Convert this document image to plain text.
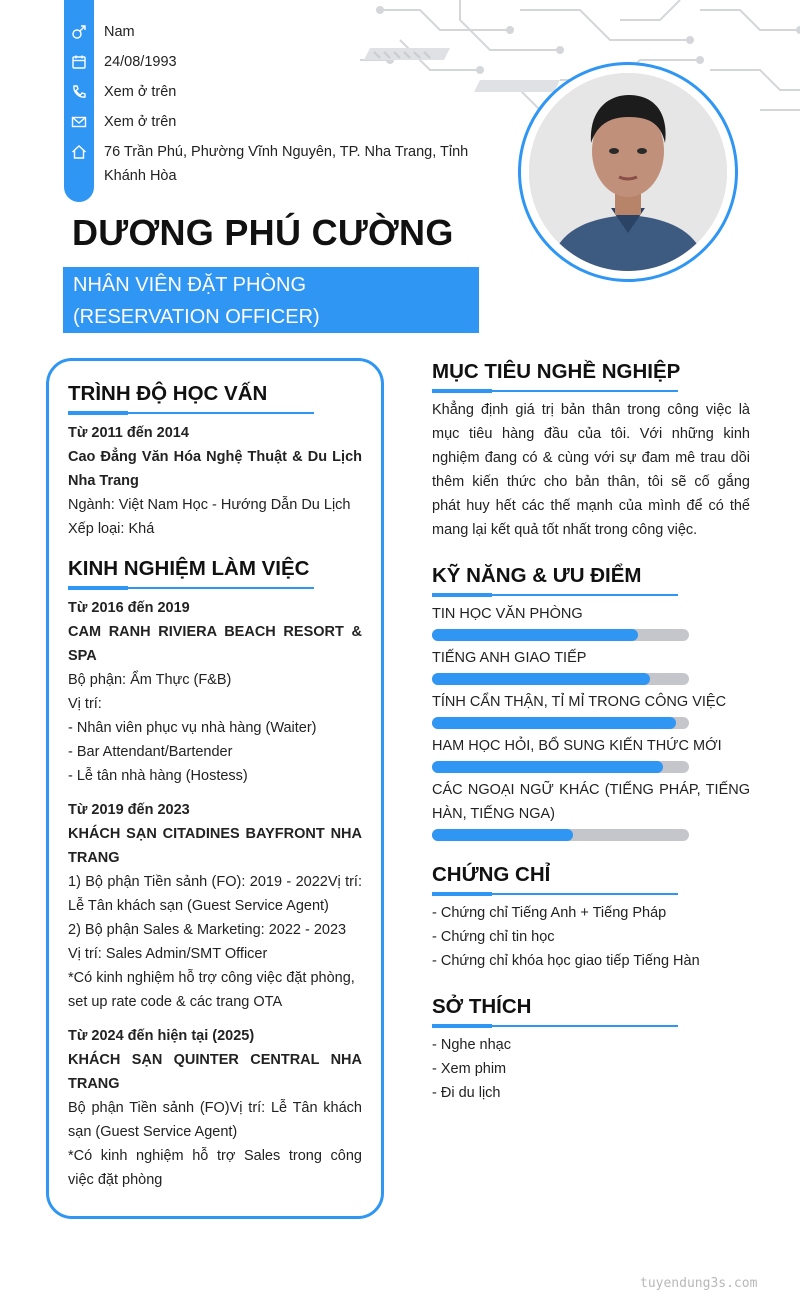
Nam
24/08/1993
Xem ở trên
Xem ở trên
76 Trần Phú, Phường Vĩnh Nguyên, TP. Nha Trang, Tỉnh Khánh Hòa
DƯƠNG PHÚ CƯỜNG
NHÂN VIÊN ĐẶT PHÒNG
(RESERVATION OFFICER)
TRÌNH ĐỘ HỌC VẤN
Từ 2011 đến 2014
Cao Đẳng Văn Hóa Nghệ Thuật & Du Lịch
Nha Trang
Ngành: Việt Nam Học - Hướng Dẫn Du Lịch
Xếp loại: Khá
KINH NGHIỆM LÀM VIỆC
Từ 2016 đến 2019
CAM RANH RIVIERA BEACH RESORT &
SPA
Bộ phận: Ẩm Thực (F&B)
Vị trí:
- Nhân viên phục vụ nhà hàng (Waiter)
- Bar Attendant/Bartender
- Lễ tân nhà hàng (Hostess)
Từ 2019 đến 2023
KHÁCH SẠN CITADINES BAYFRONT NHA
TRANG
1) Bộ phận Tiền sảnh (FO): 2019 - 2022Vị trí:
Lễ Tân khách sạn (Guest Service Agent)
2) Bộ phận Sales & Marketing: 2022 - 2023
Vị trí: Sales Admin/SMT Officer
*Có kinh nghiệm hỗ trợ công việc đặt phòng,
set up rate code & các trang OTA
Từ 2024 đến hiện tại (2025)
KHÁCH SẠN QUINTER CENTRAL NHA
TRANG
Bộ phận Tiền sảnh (FO)Vị trí: Lễ Tân khách
sạn (Guest Service Agent)
*Có kinh nghiệm hỗ trợ Sales trong công
việc đặt phòng
MỤC TIÊU NGHỀ NGHIỆP
Khẳng định giá trị bản thân trong công việc là
mục tiêu hàng đầu của tôi. Với những kinh
nghiệm đang có & cùng với sự đam mê trau dồi
thêm kiến thức cho bản thân, tôi sẽ cố gắng
phát huy hết các thế mạnh của mình để có thể
mang lại kết quả tốt nhất trong công việc.
KỸ NĂNG & ƯU ĐIỂM
TIN HỌC VĂN PHÒNG
TIẾNG ANH GIAO TIẾP
TÍNH CẨN THẬN, TỈ MỈ TRONG CÔNG VIỆC
HAM HỌC HỎI, BỔ SUNG KIẾN THỨC MỚI
CÁC NGOẠI NGỮ KHÁC (TIẾNG PHÁP, TIẾNG
HÀN, TIẾNG NGA)
CHỨNG CHỈ
- Chứng chỉ Tiếng Anh + Tiếng Pháp
- Chứng chỉ tin học
- Chứng chỉ khóa học giao tiếp Tiếng Hàn
SỞ THÍCH
- Nghe nhạc
- Xem phim
- Đi du lịch
tuyendung3s.com
